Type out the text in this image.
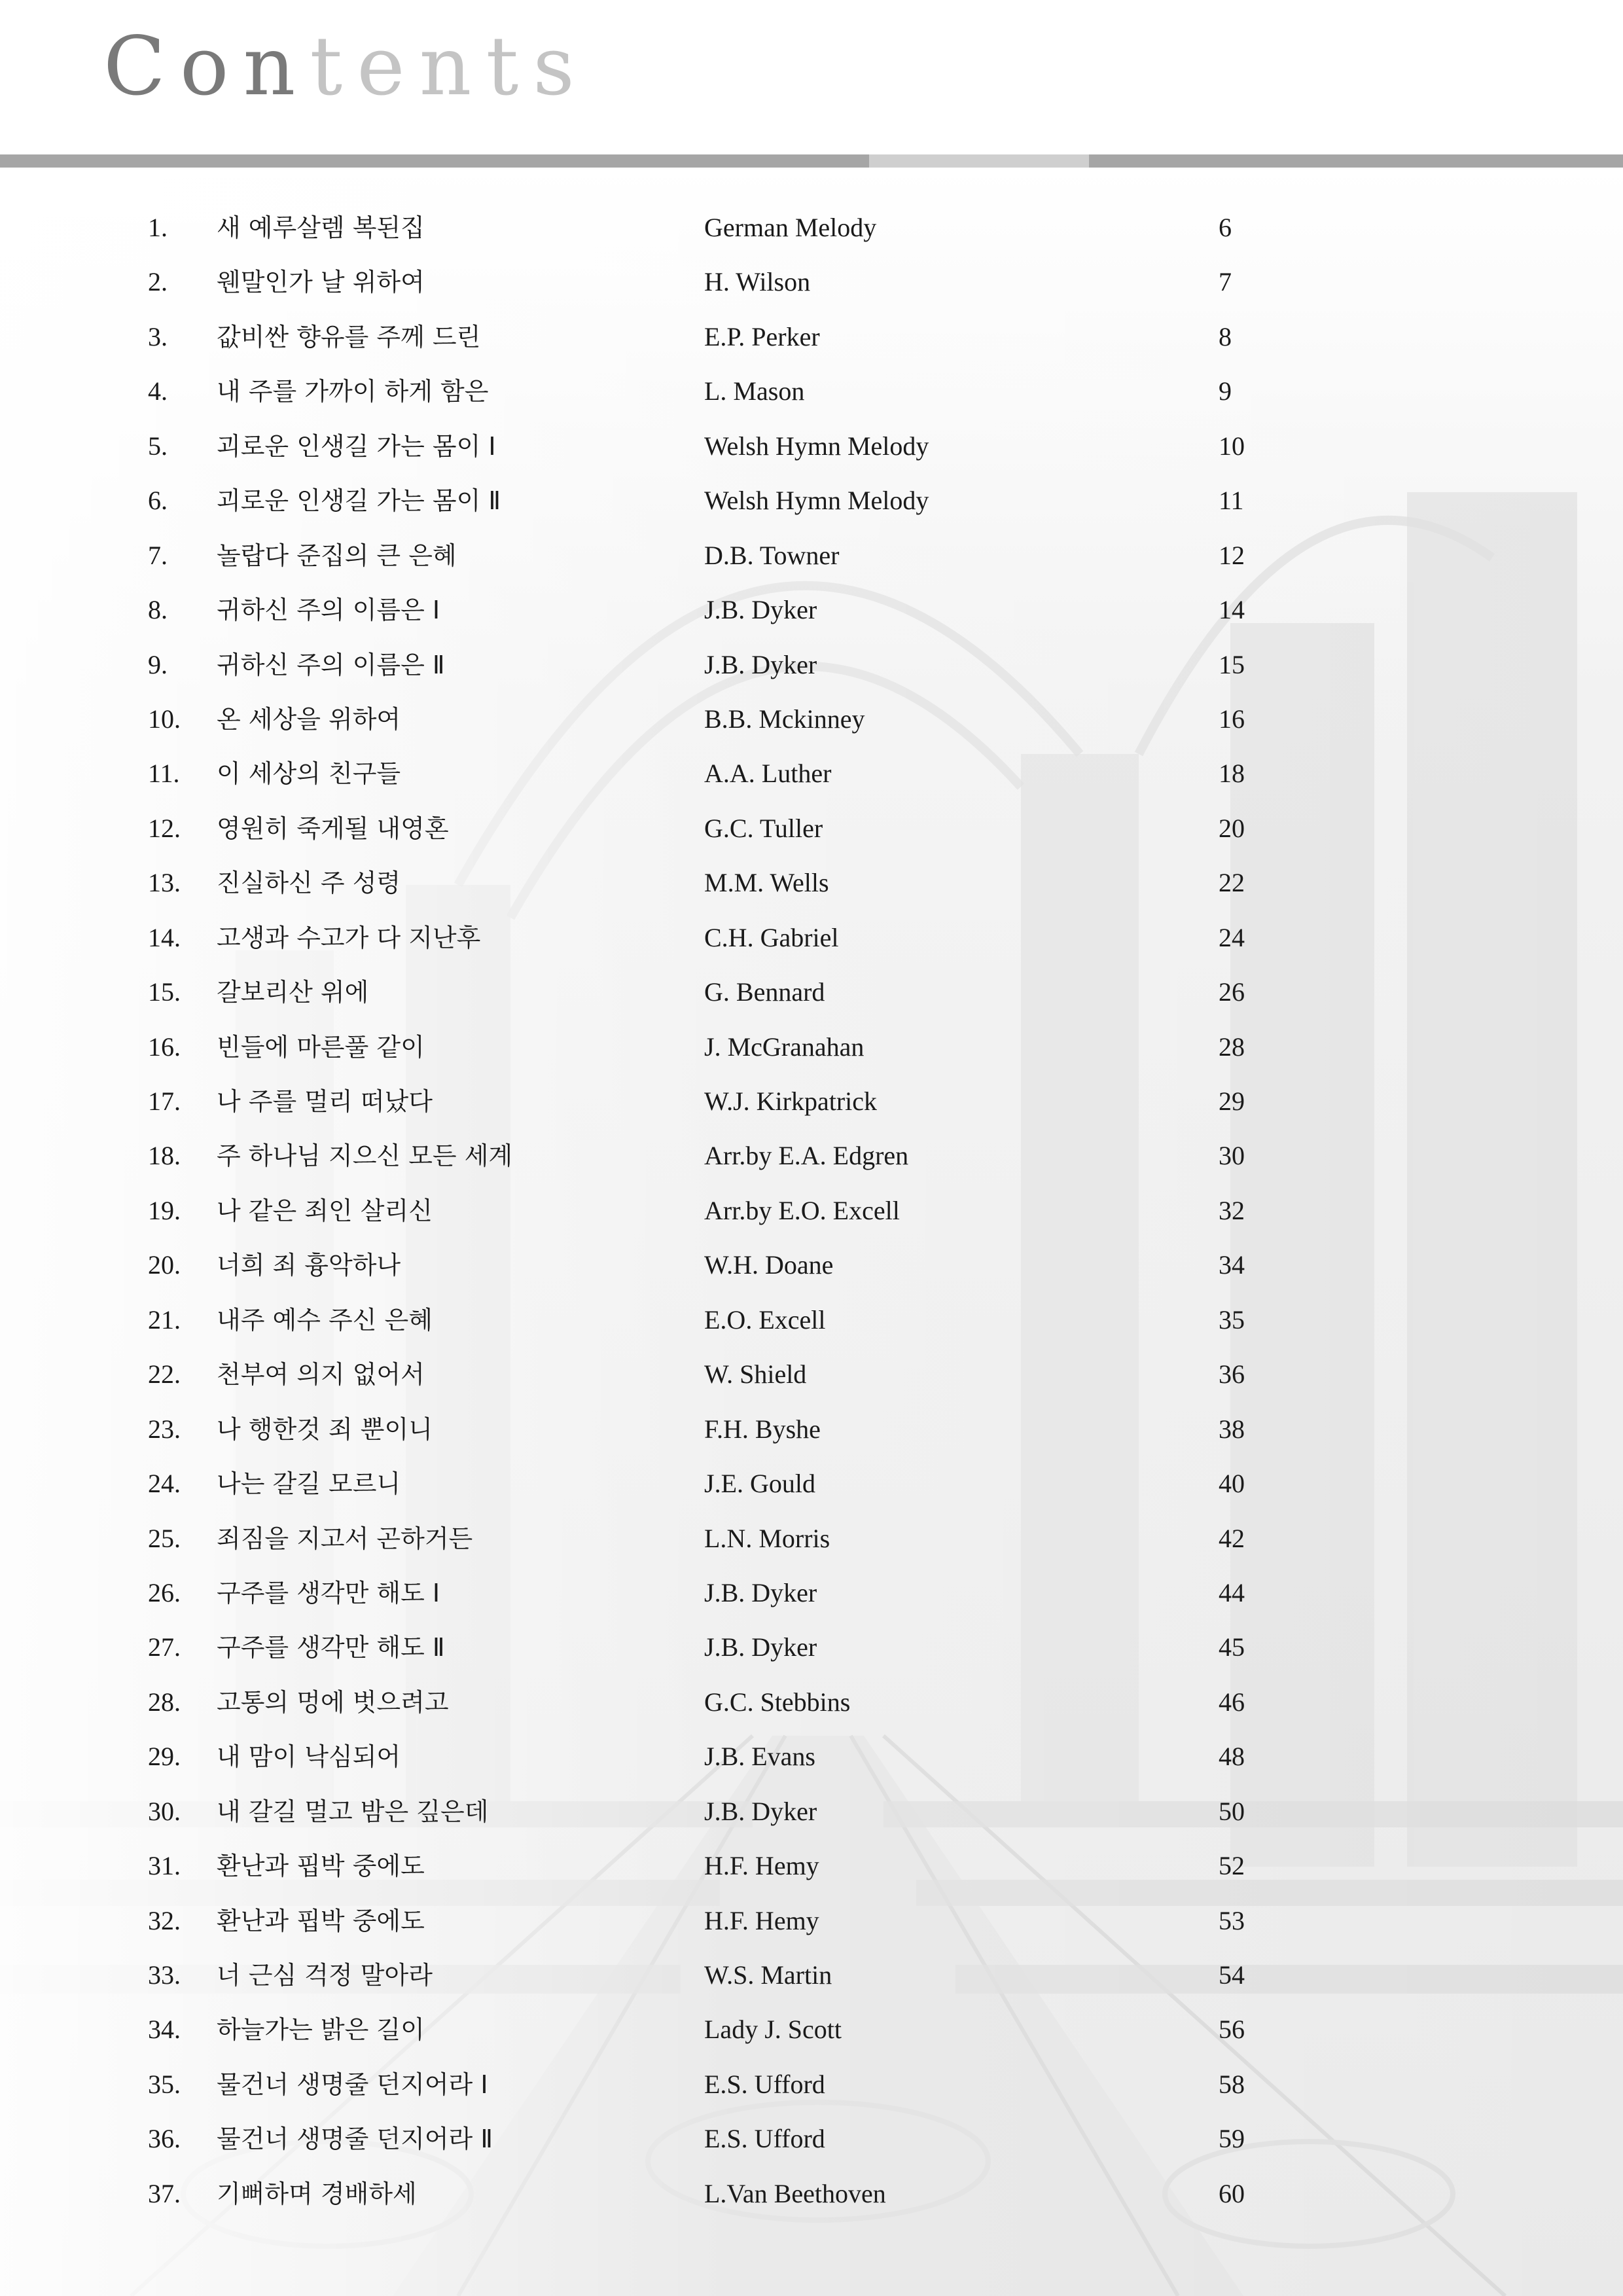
Contents
1. 새 예루살렘 복된집	German Melody	6
2. 웬말인가 날 위하여	H. Wilson	7
3. 값비싼 향유를 주께 드린	E.P. Perker	8
4. 내 주를 가까이 하게 함은	L. Mason	9
5. 괴로운 인생길 가는 몸이 Ⅰ	Welsh Hymn Melody	10
6. 괴로운 인생길 가는 몸이 Ⅱ	Welsh Hymn Melody	11
7. 놀랍다 준집의 큰 은혜	D.B. Towner	12
8. 귀하신 주의 이름은 Ⅰ	J.B. Dyker	14
9. 귀하신 주의 이름은 Ⅱ	J.B. Dyker	15
10. 온 세상을 위하여	B.B. Mckinney	16
11. 이 세상의 친구들	A.A. Luther	18
12. 영원히 죽게될 내영혼	G.C. Tuller	20
13. 진실하신 주 성령	M.M. Wells	22
14. 고생과 수고가 다 지난후	C.H. Gabriel	24
15. 갈보리산 위에	G. Bennard	26
16. 빈들에 마른풀 같이	J. McGranahan	28
17. 나 주를 멀리 떠났다	W.J. Kirkpatrick	29
18. 주 하나님 지으신 모든 세계	Arr.by E.A. Edgren	30
19. 나 같은 죄인 살리신	Arr.by E.O. Excell	32
20. 너희 죄 흉악하나	W.H. Doane	34
21. 내주 예수 주신 은혜	E.O. Excell	35
22. 천부여 의지 없어서	W. Shield	36
23. 나 행한것 죄 뿐이니	F.H. Byshe	38
24. 나는 갈길 모르니	J.E. Gould	40
25. 죄짐을 지고서 곤하거든	L.N. Morris	42
26. 구주를 생각만 해도 Ⅰ	J.B. Dyker	44
27. 구주를 생각만 해도 Ⅱ	J.B. Dyker	45
28. 고통의 멍에 벗으려고	G.C. Stebbins	46
29. 내 맘이 낙심되어	J.B. Evans	48
30. 내 갈길 멀고 밤은 깊은데	J.B. Dyker	50
31. 환난과 핍박 중에도	H.F. Hemy	52
32. 환난과 핍박 중에도	H.F. Hemy	53
33. 너 근심 걱정 말아라	W.S. Martin	54
34. 하늘가는 밝은 길이	Lady J. Scott	56
35. 물건너 생명줄 던지어라 Ⅰ	E.S. Ufford	58
36. 물건너 생명줄 던지어라 Ⅱ	E.S. Ufford	59
37. 기뻐하며 경배하세	L.Van Beethoven	60
